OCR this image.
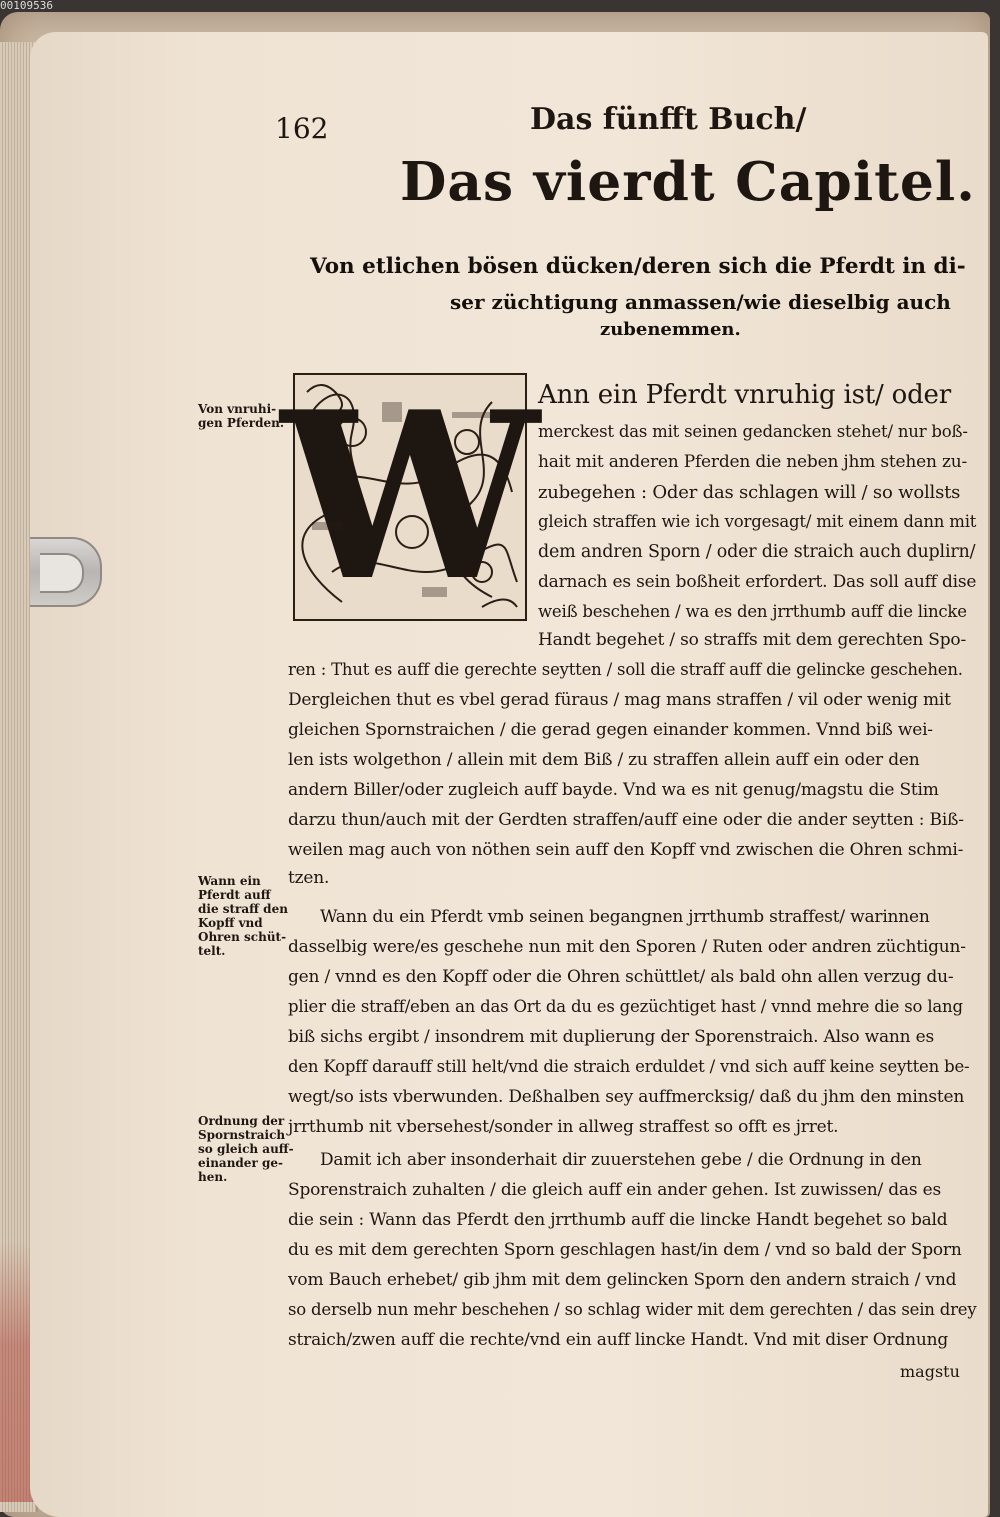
00109536
162	Das fünfft Buch/
Das vierdt Capitel.
Von etlichen bösen dücken/deren sich die Pferdt in di-
ser züchtigung anmassen/wie dieselbig auch
zubenemmen.
W
Von vnruhi-
gen Pferden.
Wann ein
Pferdt auff
die straff den
Kopff vnd
Ohren schüt-
telt.
Ordnung der
Spornstraich
so gleich auff-
einander ge-
hen.
Ann ein Pferdt vnruhig ist/ oder
merckest das mit seinen gedancken stehet/ nur boß-
hait mit anderen Pferden die neben jhm stehen zu-
zubegehen : Oder das schlagen will / so wollsts
gleich straffen wie ich vorgesagt/ mit einem dann mit
dem andren Sporn / oder die straich auch duplirn/
darnach es sein boßheit erfordert. Das soll auff dise
weiß beschehen / wa es den jrrthumb auff die lincke
Handt begehet / so straffs mit dem gerechten Spo-
ren : Thut es auff die gerechte seytten / soll die straff auff die gelincke geschehen.
Dergleichen thut es vbel gerad füraus / mag mans straffen / vil oder wenig mit
gleichen Spornstraichen / die gerad gegen einander kommen. Vnnd biß wei-
len ists wolgethon / allein mit dem Biß / zu straffen allein auff ein oder den
andern Biller/oder zugleich auff bayde. Vnd wa es nit genug/magstu die Stim
darzu thun/auch mit der Gerdten straffen/auff eine oder die ander seytten : Biß-
weilen mag auch von nöthen sein auff den Kopff vnd zwischen die Ohren schmi-
tzen.
Wann du ein Pferdt vmb seinen begangnen jrrthumb straffest/ warinnen
dasselbig were/es geschehe nun mit den Sporen / Ruten oder andren züchtigun-
gen / vnnd es den Kopff oder die Ohren schüttlet/ als bald ohn allen verzug du-
plier die straff/eben an das Ort da du es gezüchtiget hast / vnnd mehre die so lang
biß sichs ergibt / insondrem mit duplierung der Sporenstraich. Also wann es
den Kopff darauff still helt/vnd die straich erduldet / vnd sich auff keine seytten be-
wegt/so ists vberwunden. Deßhalben sey auffmercksig/ daß du jhm den minsten
jrrthumb nit vbersehest/sonder in allweg straffest so offt es jrret.
Damit ich aber insonderhait dir zuuerstehen gebe / die Ordnung in den
Sporenstraich zuhalten / die gleich auff ein ander gehen. Ist zuwissen/ das es
die sein : Wann das Pferdt den jrrthumb auff die lincke Handt begehet so bald
du es mit dem gerechten Sporn geschlagen hast/in dem / vnd so bald der Sporn
vom Bauch erhebet/ gib jhm mit dem gelincken Sporn den andern straich / vnd
so derselb nun mehr beschehen / so schlag wider mit dem gerechten / das sein drey
straich/zwen auff die rechte/vnd ein auff lincke Handt. Vnd mit diser Ordnung
magstu
